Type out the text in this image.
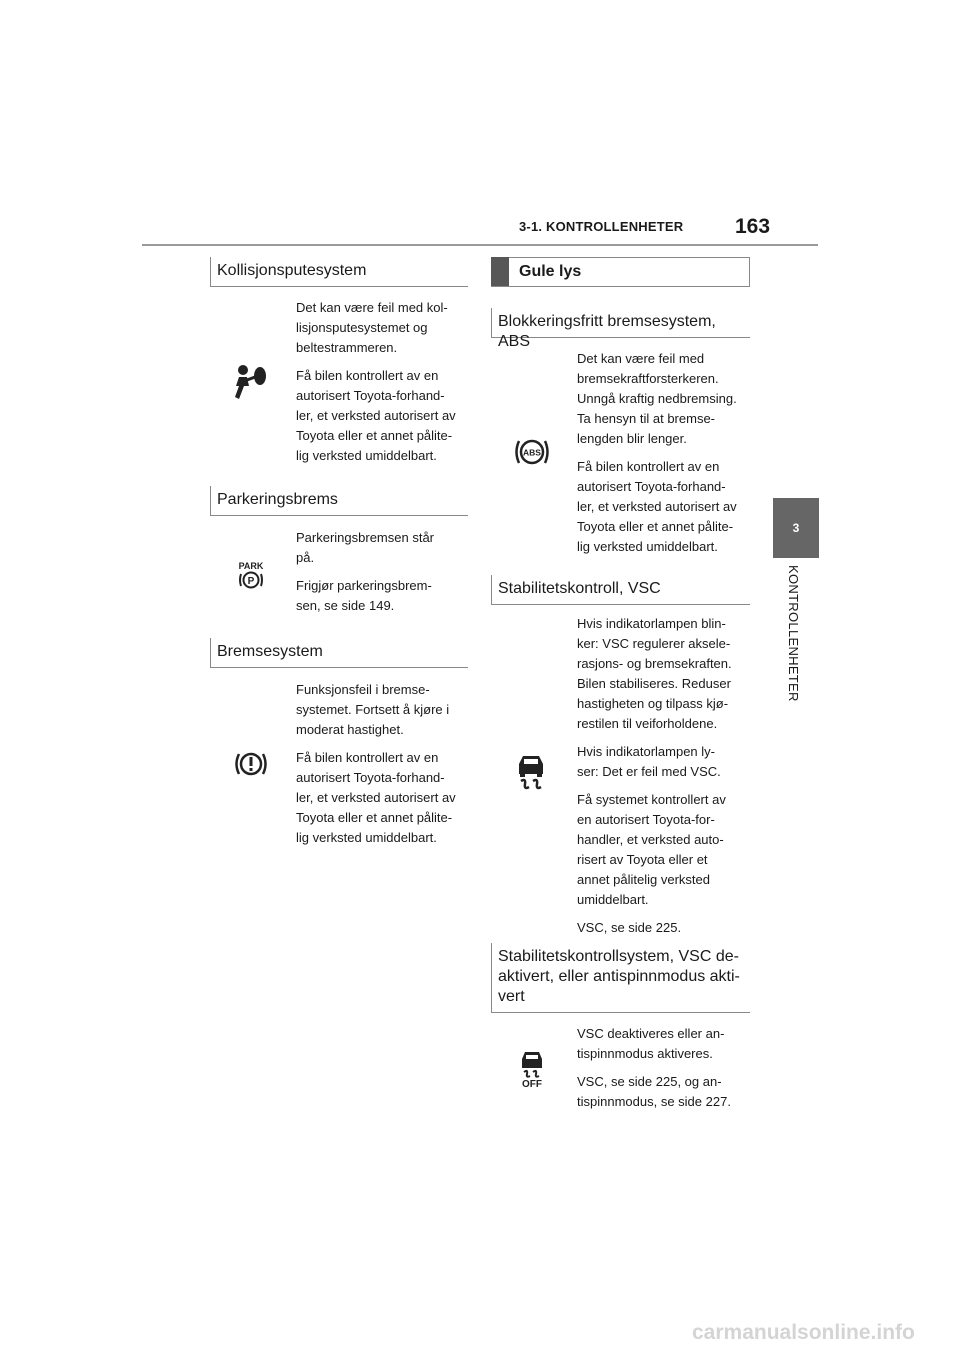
3-1. KONTROLLENHETER 163
3
KONTROLLENHETER
Kollisjonsputesystem

Det kan være feil med kol-
lisjonsputesystemet og
beltestrammeren.

Få bilen kontrollert av en
autorisert Toyota-forhand-
ler, et verksted autorisert av
Toyota eller et annet pålite-
lig verksted umiddelbart.

Parkeringsbrems
PARK
P

Parkeringsbremsen står
på.

Frigjør parkeringsbrem-
sen, se side 149.

Bremsesystem

Funksjonsfeil i bremse-
systemet. Fortsett å kjøre i
moderat hastighet.

Få bilen kontrollert av en
autorisert Toyota-forhand-
ler, et verksted autorisert av
Toyota eller et annet pålite-
lig verksted umiddelbart.

Gule lys
Blokkeringsfritt bremsesystem, ABS
ABS

Det kan være feil med
bremsekraftforsterkeren.
Unngå kraftig nedbremsing.
Ta hensyn til at bremse-
lengden blir lenger.

Få bilen kontrollert av en
autorisert Toyota-forhand-
ler, et verksted autorisert av
Toyota eller et annet pålite-
lig verksted umiddelbart.

Stabilitetskontroll, VSC

Hvis indikatorlampen blin-
ker: VSC regulerer aksele-
rasjons- og bremsekraften.
Bilen stabiliseres. Reduser
hastigheten og tilpass kjø-
restilen til veiforholdene.

Hvis indikatorlampen ly-
ser: Det er feil med VSC.

Få systemet kontrollert av
en autorisert Toyota-for-
handler, et verksted auto-
risert av Toyota eller et
annet pålitelig verksted
umiddelbart.

VSC, se side 225.

Stabilitetskontrollsystem, VSC de-
aktivert, eller antispinnmodus akti-
vert
OFF

VSC deaktiveres eller an-
tispinnmodus aktiveres.

VSC, se side 225, og an-
tispinnmodus, se side 227.

carmanualsonline.info
